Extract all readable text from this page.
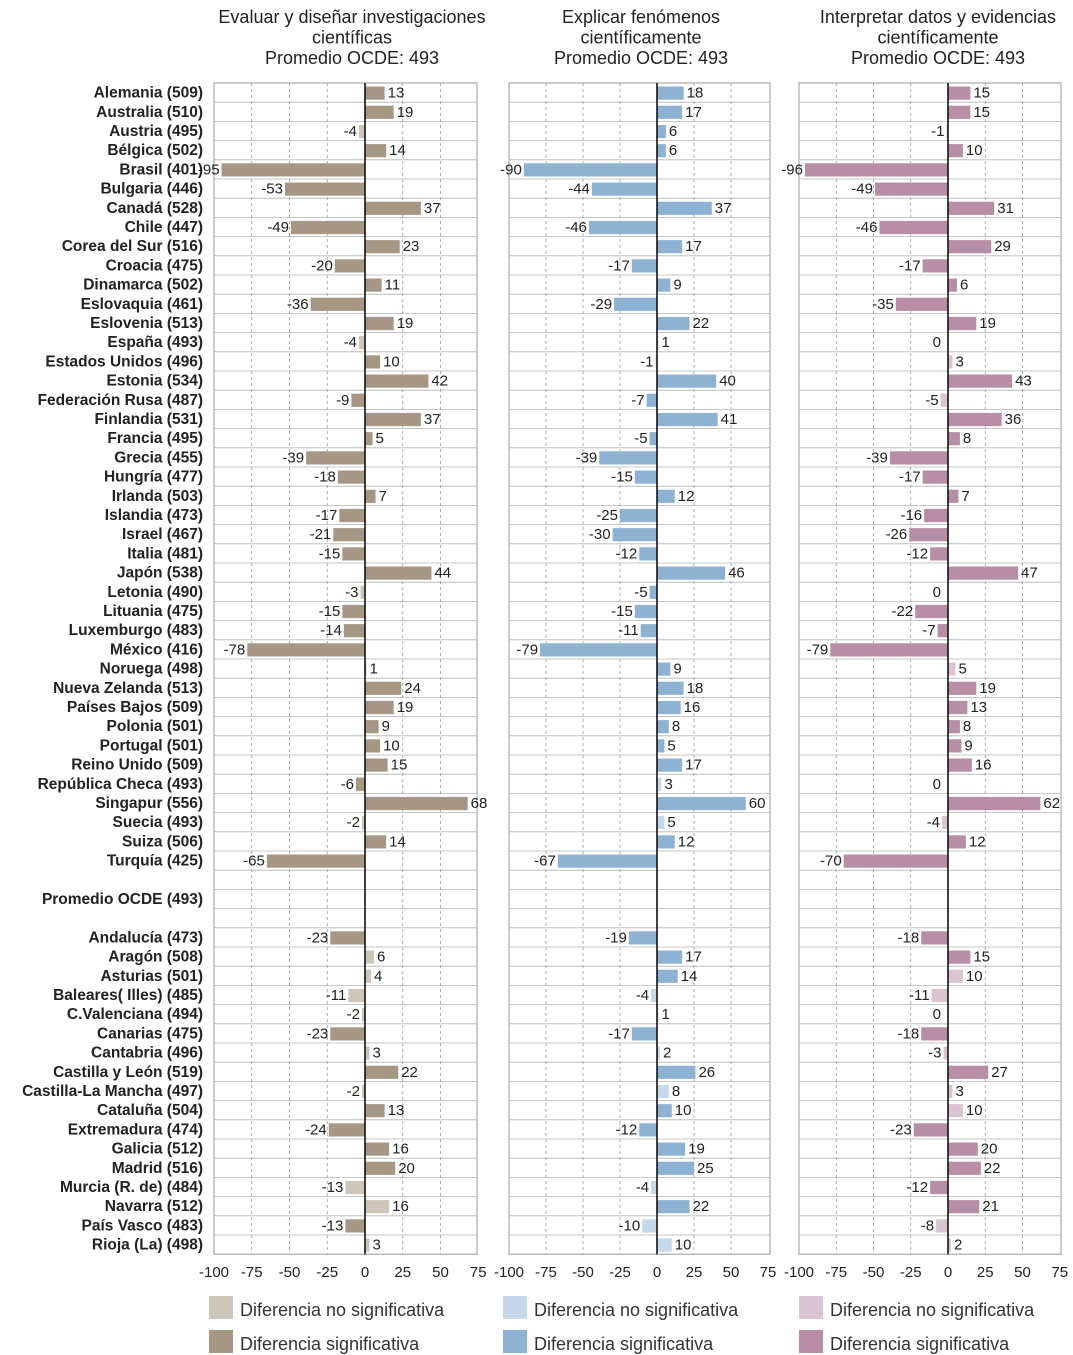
Alemania (509)
Australia (510)
Austria (495)
Bélgica (502)
Brasil (401)
Bulgaria (446)
Canadá (528)
Chile (447)
Corea del Sur (516)
Croacia (475)
Dinamarca (502)
Eslovaquia (461)
Eslovenia (513)
España (493)
Estados Unidos (496)
Estonia (534)
Federación Rusa (487)
Finlandia (531)
Francia (495)
Grecia (455)
Hungría (477)
Irlanda (503)
Islandia (473)
Israel (467)
Italia (481)
Japón (538)
Letonia (490)
Lituania (475)
Luxemburgo (483)
México (416)
Noruega (498)
Nueva Zelanda (513)
Países Bajos (509)
Polonia (501)
Portugal (501)
Reino Unido (509)
República Checa (493)
Singapur (556)
Suecia (493)
Suiza (506)
Turquía (425)
Promedio OCDE (493)
Andalucía (473)
Aragón (508)
Asturias (501)
Baleares( Illes) (485)
C.Valenciana (494)
Canarias (475)
Cantabria (496)
Castilla y León (519)
Castilla-La Mancha (497)
Cataluña (504)
Extremadura (474)
Galicia (512)
Madrid (516)
Murcia (R. de) (484)
Navarra (512)
País Vasco (483)
Rioja (La) (498)
Evaluar y diseñar investigaciones
científicas
Promedio OCDE: 493
13
19
-4
14
-95
-53
37
-49
23
-20
11
-36
19
-4
10
42
-9
37
5
-39
-18
7
-17
-21
-15
44
-3
-15
-14
-78
1
24
19
9
10
15
-6
68
-2
14
-65
-23
6
4
-11
-2
-23
3
22
-2
13
-24
16
20
-13
16
-13
3
-100 -75 -50 -25 0 25 50 75
Diferencia no significativa
Diferencia significativa
Explicar fenómenos
científicamente
Promedio OCDE: 493
18
17
6
6
-90
-44
37
-46
17
-17
9
-29
22
1
-1
40
-7
41
-5
-39
-15
12
-25
-30
-12
46
-5
-15
-11
-79
9
18
16
8
5
17
3
60
5
12
-67
-19
17
14
-4
1
-17
2
26
8
10
-12
19
25
-4
22
-10
10
-100 -75 -50 -25 0 25 50 75
Diferencia no significativa
Diferencia significativa
Interpretar datos y evidencias
científicamente
Promedio OCDE: 493
15
15
-1
10
-96
-49
31
-46
29
-17
6
-35
19
0
3
43
-5
36
8
-39
-17
7
-16
-26
-12
47
0
-22
-7
-79
5
19
13
8
9
16
0
62
-4
12
-70
-18
15
10
-11
0
-18
-3
27
3
10
-23
20
22
-12
21
-8
2
-100 -75 -50 -25 0 25 50 75
Diferencia no significativa
Diferencia significativa
